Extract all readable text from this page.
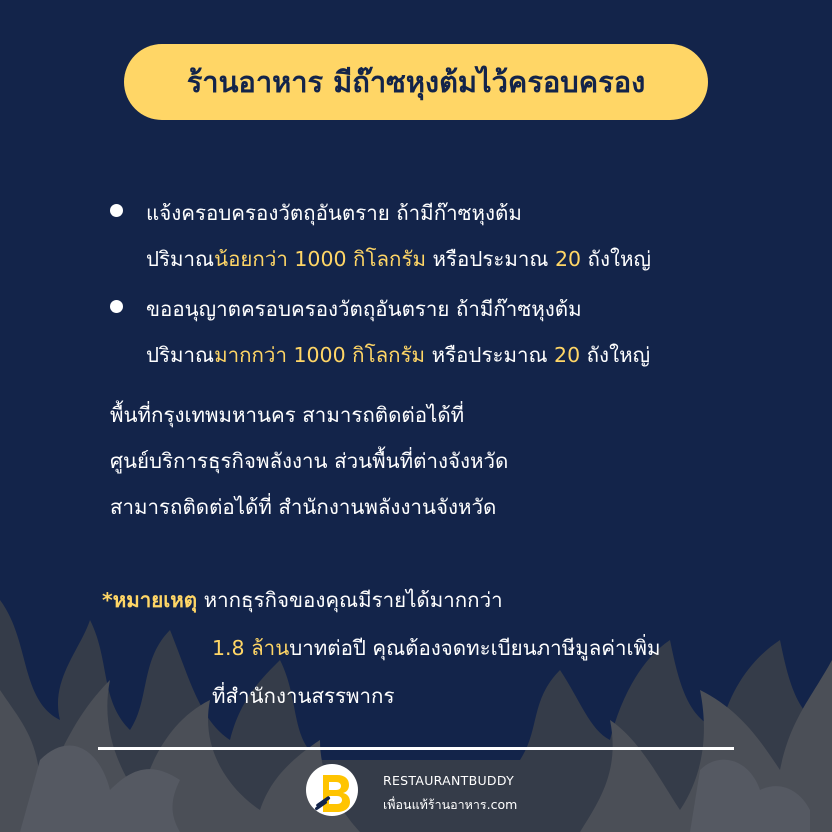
ร้านอาหาร มีถ๊าซหุงต้มไว้ครอบครอง
แจ้งครอบครองวัตถุอันตราย ถ้ามีก๊าซหุงต้ม
ปริมาณน้อยกว่า 1000 กิโลกรัม หรือประมาณ 20 ถังใหญ่
ขออนุญาตครอบครองวัตถุอันตราย ถ้ามีก๊าซหุงต้ม
ปริมาณมากกว่า 1000 กิโลกรัม หรือประมาณ 20 ถังใหญ่
พื้นที่กรุงเทพมหานคร สามารถติดต่อได้ที่
ศูนย์บริการธุรกิจพลังงาน ส่วนพื้นที่ต่างจังหวัด
สามารถติดต่อได้ที่ สำนักงานพลังงานจังหวัด
*หมายเหตุ หากธุรกิจของคุณมีรายได้มากกว่า
1.8 ล้านบาทต่อปี คุณต้องจดทะเบียนภาษีมูลค่าเพิ่ม
ที่สำนักงานสรรพากร
RESTAURANTBUDDY
เพื่อนแท้ร้านอาหาร.com
